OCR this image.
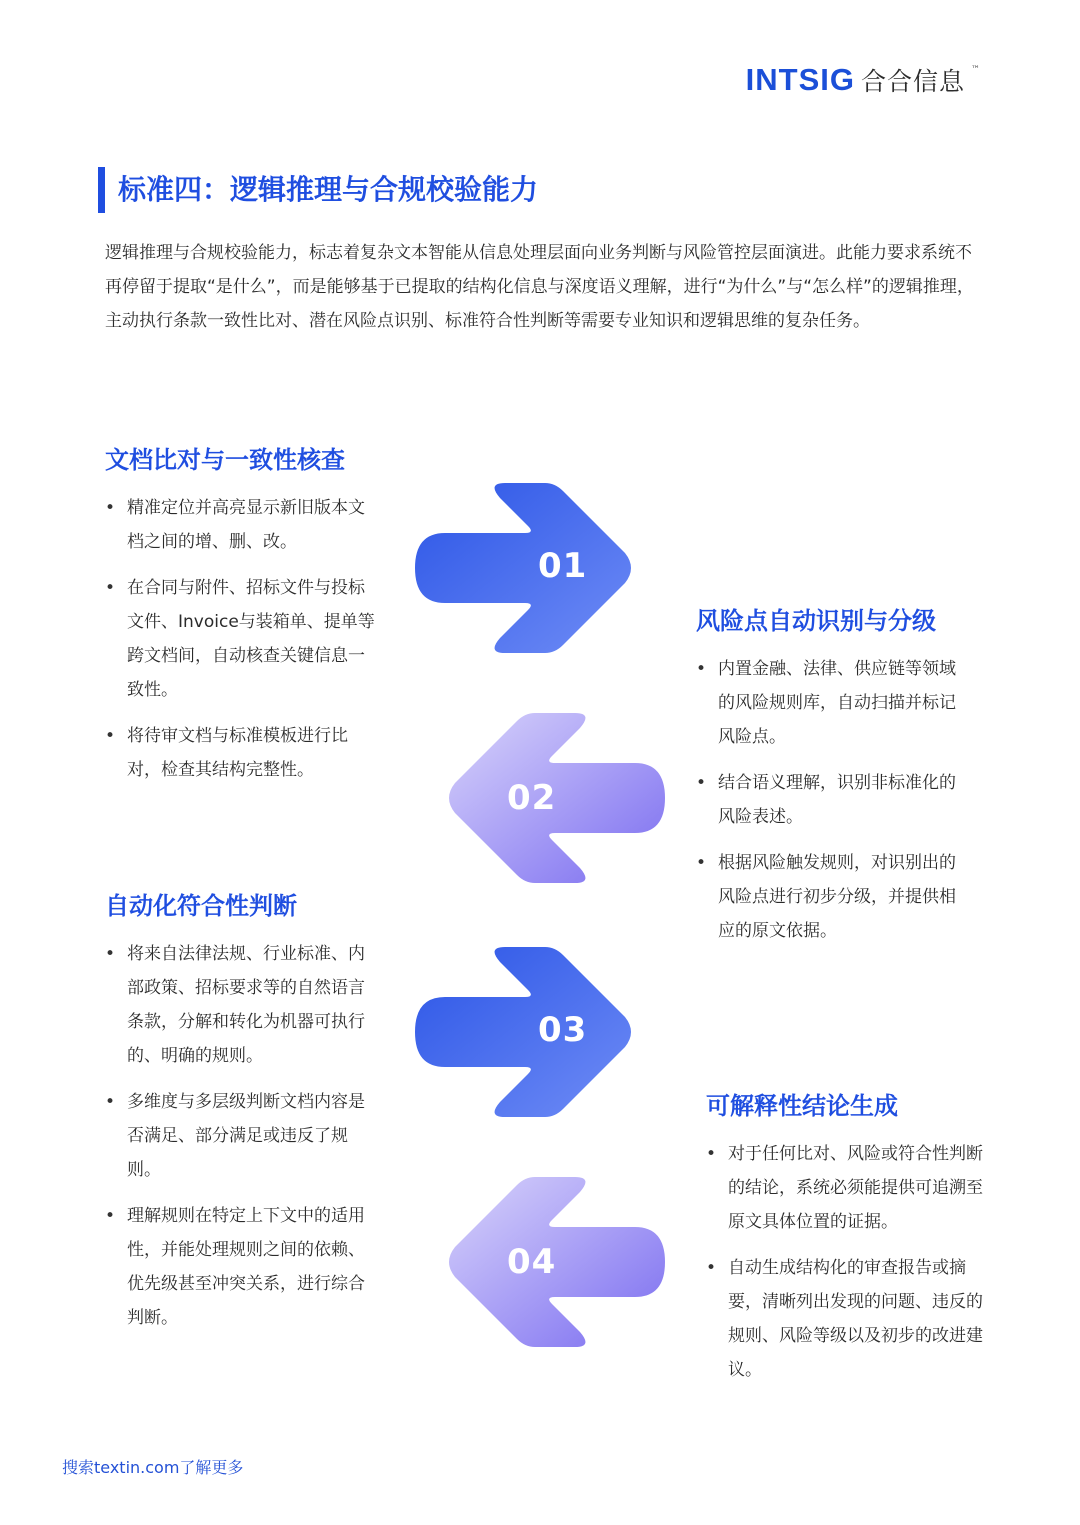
INTSIG 合合信息 ™
标准四：逻辑推理与合规校验能力

逻辑推理与合规校验能力，标志着复杂文本智能从信息处理层面向业务判断与风险管控层面演进。此能力要求系统不再停留于提取“是什么”，而是能够基于已提取的结构化信息与深度语义理解，进行“为什么”与“怎么样”的逻辑推理，主动执行条款一致性比对、潜在风险点识别、标准符合性判断等需要专业知识和逻辑思维的复杂任务。

文档比对与一致性核查
• 精准定位并高亮显示新旧版本文档之间的增、删、改。
• 在合同与附件、招标文件与投标文件、Invoice与装箱单、提单等跨文档间，自动核查关键信息一致性。
• 将待审文档与标准模板进行比对，检查其结构完整性。
风险点自动识别与分级
• 内置金融、法律、供应链等领域的风险规则库，自动扫描并标记风险点。
• 结合语义理解，识别非标准化的风险表述。
• 根据风险触发规则，对识别出的风险点进行初步分级，并提供相应的原文依据。
自动化符合性判断
• 将来自法律法规、行业标准、内部政策、招标要求等的自然语言条款，分解和转化为机器可执行的、明确的规则。
• 多维度与多层级判断文档内容是否满足、部分满足或违反了规则。
• 理解规则在特定上下文中的适用性，并能处理规则之间的依赖、优先级甚至冲突关系，进行综合判断。
可解释性结论生成
• 对于任何比对、风险或符合性判断的结论，系统必须能提供可追溯至原文具体位置的证据。
• 自动生成结构化的审查报告或摘要，清晰列出发现的问题、违反的规则、风险等级以及初步的改进建议。
01
02
03
04
搜索textin.com了解更多
